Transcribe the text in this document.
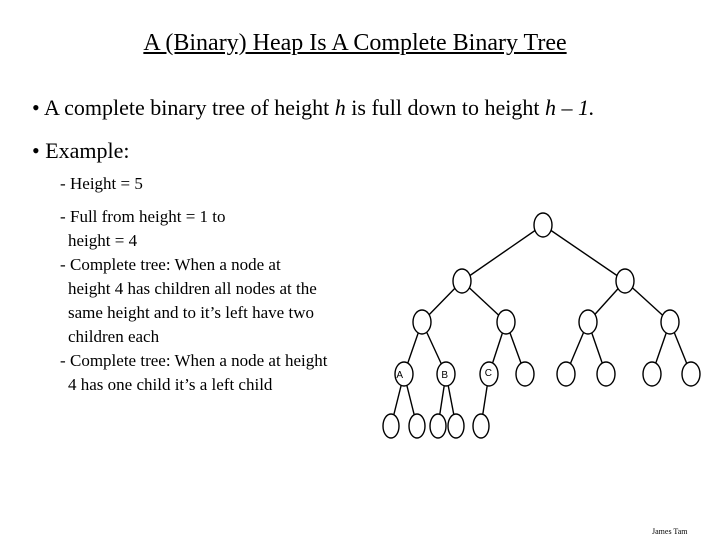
A (Binary) Heap Is A Complete Binary Tree
• A complete binary tree of height h is full down to height h – 1.
• Example:
- Height = 5

- Full from height = 1 to

height = 4

- Complete tree: When a node at

height 4 has children all nodes at the

same height and to it’s left have two

children each

- Complete tree: When a node at height

4 has one child it’s a left child	A	B	C
James Tam
